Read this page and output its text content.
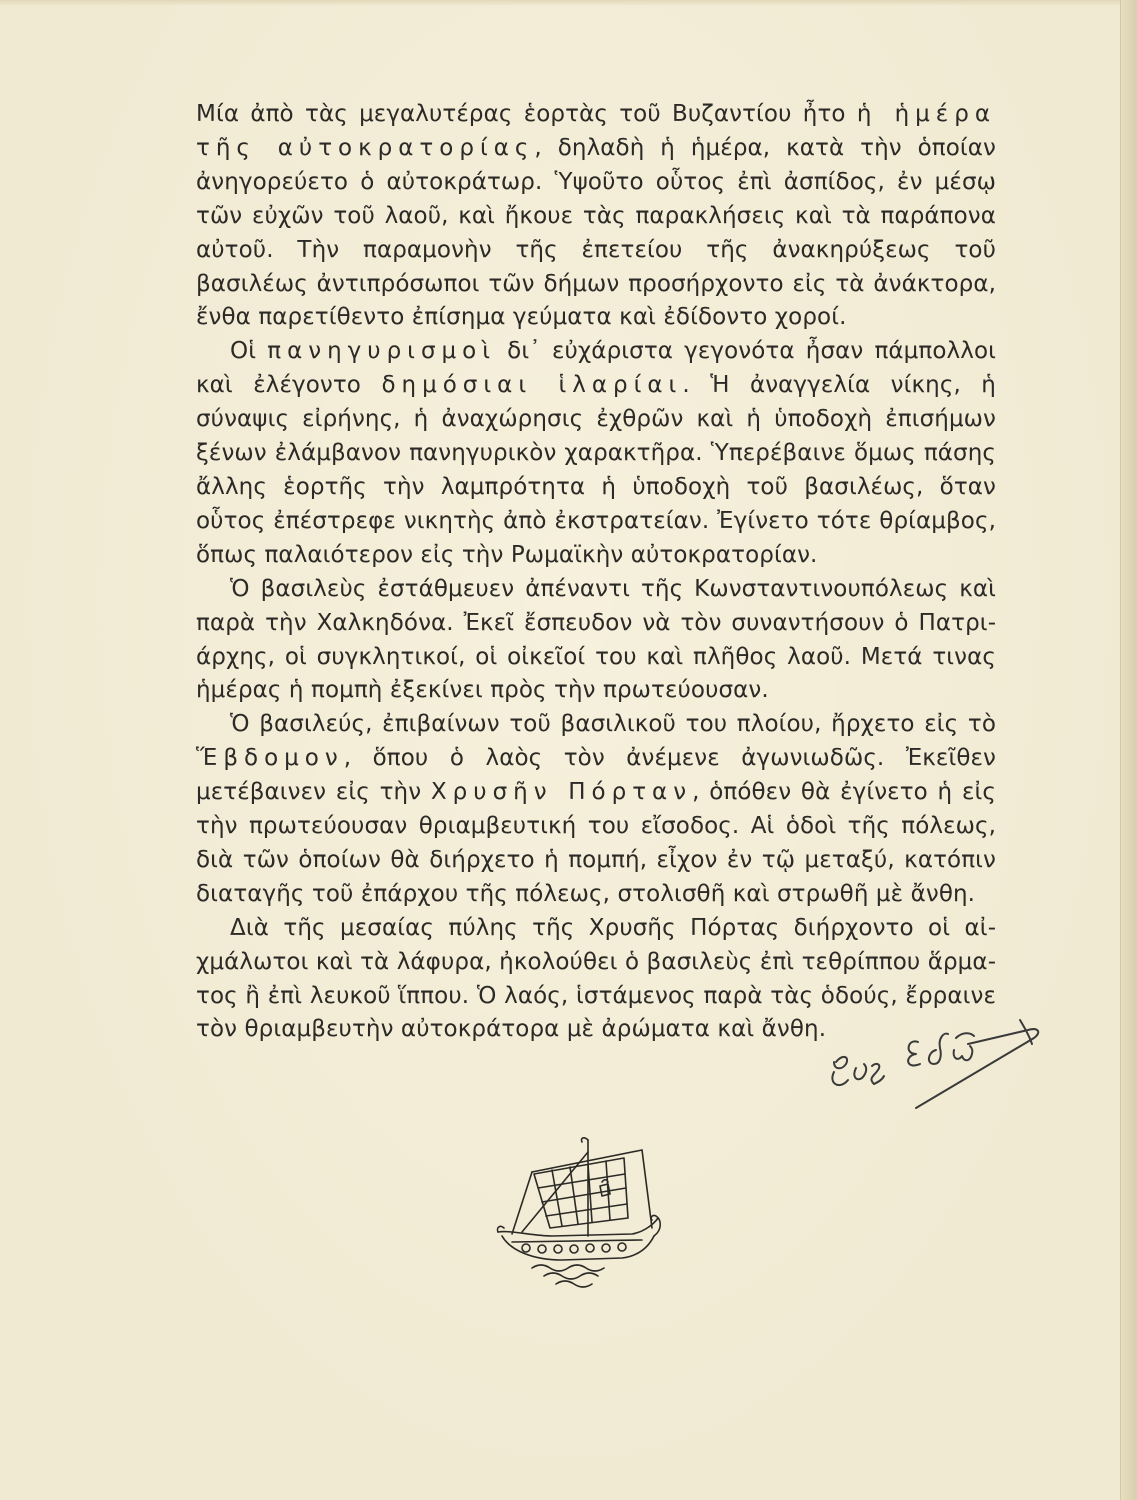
Μία ἀπὸ τὰς μεγαλυτέρας ἑορτὰς τοῦ Βυζαντίου ἦτο ἡ ἡμέρα τῆς αὐτοκρατορίας, δηλαδὴ ἡ ἡμέρα, κατὰ τὴν ὁποίαν ἀνηγορεύετο ὁ αὐτοκράτωρ. Ὑψοῦτο οὗτος ἐπὶ ἀσπίδος, ἐν μέσῳ τῶν εὐχῶν τοῦ λαοῦ, καὶ ἤκουε τὰς παρακλήσεις καὶ τὰ παράπονα αὐτοῦ. Τὴν παραμονὴν τῆς ἐπετείου τῆς ἀνακηρύξεως τοῦ βασιλέως ἀντιπρόσωποι τῶν δήμων προσήρχοντο εἰς τὰ ἀνάκτορα, ἔνθα παρετίθεντο ἐπίσημα γεύματα καὶ ἐδίδοντο χοροί.

Οἱ πανηγυρισμοὶ δι᾽ εὐχάριστα γεγονότα ἦσαν πάμπολλοι καὶ ἐλέγοντο δημόσιαι ἱλαρίαι. Ἡ ἀναγγελία νίκης, ἡ σύναψις εἰρήνης, ἡ ἀναχώρησις ἐχθρῶν καὶ ἡ ὑποδοχὴ ἐπισήμων ξένων ἐλάμβανον πανηγυρικὸν χαρακτῆρα. Ὑπερέβαινε ὅμως πάσης ἄλλης ἑορτῆς τὴν λαμπρότητα ἡ ὑποδοχὴ τοῦ βασιλέως, ὅταν οὗτος ἐπέστρεφε νικητὴς ἀπὸ ἐκστρατείαν. Ἐγίνετο τότε θρίαμβος, ὅπως παλαιότερον εἰς τὴν Ρωμαϊκὴν αὐτοκρατορίαν.

Ὁ βασιλεὺς ἐστάθμευεν ἀπέναντι τῆς Κωνσταντινουπόλεως καὶ παρὰ τὴν Χαλκηδόνα. Ἐκεῖ ἔσπευδον νὰ τὸν συναντήσουν ὁ Πατριάρχης, οἱ συγκλητικοί, οἱ οἰκεῖοί του καὶ πλῆθος λαοῦ. Μετά τινας ἡμέρας ἡ πομπὴ ἐξεκίνει πρὸς τὴν πρωτεύουσαν.

Ὁ βασιλεύς, ἐπιβαίνων τοῦ βασιλικοῦ του πλοίου, ἤρχετο εἰς τὸ Ἕβδομον, ὅπου ὁ λαὸς τὸν ἀνέμενε ἀγωνιωδῶς. Ἐκεῖθεν μετέβαινεν εἰς τὴν Χρυσῆν Πόρταν, ὁπόθεν θὰ ἐγίνετο ἡ εἰς τὴν πρωτεύουσαν θριαμβευτική του εἴσοδος. Αἱ ὁδοὶ τῆς πόλεως, διὰ τῶν ὁποίων θὰ διήρχετο ἡ πομπή, εἶχον ἐν τῷ μεταξύ, κατόπιν διαταγῆς τοῦ ἐπάρχου τῆς πόλεως, στολισθῆ καὶ στρωθῆ μὲ ἄνθη.

Διὰ τῆς μεσαίας πύλης τῆς Χρυσῆς Πόρτας διήρχοντο οἱ αἰχμάλωτοι καὶ τὰ λάφυρα, ἠκολούθει ὁ βασιλεὺς ἐπὶ τεθρίππου ἅρματος ἢ ἐπὶ λευκοῦ ἵππου. Ὁ λαός, ἱστάμενος παρὰ τὰς ὁδούς, ἔρραινε τὸν θριαμβευτὴν αὐτοκράτορα μὲ ἀρώματα καὶ ἄνθη.
